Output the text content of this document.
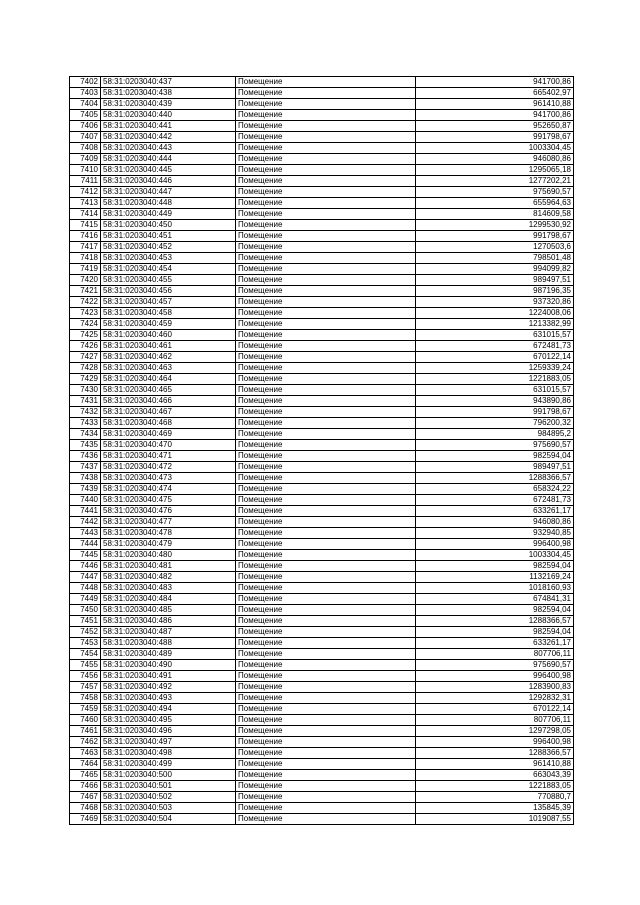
7402	58:31:0203040:437	Помещение	941700,86
7403	58:31:0203040:438	Помещение	665402,97
7404	58:31:0203040:439	Помещение	961410,88
7405	58:31:0203040:440	Помещение	941700,86
7406	58:31:0203040:441	Помещение	952650,87
7407	58:31:0203040:442	Помещение	991798,67
7408	58:31:0203040:443	Помещение	1003304,45
7409	58:31:0203040:444	Помещение	946080,86
7410	58:31:0203040:445	Помещение	1295065,18
7411	58:31:0203040:446	Помещение	1277202,21
7412	58:31:0203040:447	Помещение	975690,57
7413	58:31:0203040:448	Помещение	655964,63
7414	58:31:0203040:449	Помещение	814609,58
7415	58:31:0203040:450	Помещение	1299530,92
7416	58:31:0203040:451	Помещение	991798,67
7417	58:31:0203040:452	Помещение	1270503,6
7418	58:31:0203040:453	Помещение	798501,48
7419	58:31:0203040:454	Помещение	994099,82
7420	58:31:0203040:455	Помещение	989497,51
7421	58:31:0203040:456	Помещение	987196,35
7422	58:31:0203040:457	Помещение	937320,86
7423	58:31:0203040:458	Помещение	1224008,06
7424	58:31:0203040:459	Помещение	1213382,99
7425	58:31:0203040:460	Помещение	631015,57
7426	58:31:0203040:461	Помещение	672481,73
7427	58:31:0203040:462	Помещение	670122,14
7428	58:31:0203040:463	Помещение	1259339,24
7429	58:31:0203040:464	Помещение	1221883,05
7430	58:31:0203040:465	Помещение	631015,57
7431	58:31:0203040:466	Помещение	943890,86
7432	58:31:0203040:467	Помещение	991798,67
7433	58:31:0203040:468	Помещение	796200,32
7434	58:31:0203040:469	Помещение	984895,2
7435	58:31:0203040:470	Помещение	975690,57
7436	58:31:0203040:471	Помещение	982594,04
7437	58:31:0203040:472	Помещение	989497,51
7438	58:31:0203040:473	Помещение	1288366,57
7439	58:31:0203040:474	Помещение	658324,22
7440	58:31:0203040:475	Помещение	672481,73
7441	58:31:0203040:476	Помещение	633261,17
7442	58:31:0203040:477	Помещение	946080,86
7443	58:31:0203040:478	Помещение	932940,85
7444	58:31:0203040:479	Помещение	996400,98
7445	58:31:0203040:480	Помещение	1003304,45
7446	58:31:0203040:481	Помещение	982594,04
7447	58:31:0203040:482	Помещение	1132169,24
7448	58:31:0203040:483	Помещение	1018160,93
7449	58:31:0203040:484	Помещение	674841,31
7450	58:31:0203040:485	Помещение	982594,04
7451	58:31:0203040:486	Помещение	1288366,57
7452	58:31:0203040:487	Помещение	982594,04
7453	58:31:0203040:488	Помещение	633261,17
7454	58:31:0203040:489	Помещение	807706,11
7455	58:31:0203040:490	Помещение	975690,57
7456	58:31:0203040:491	Помещение	996400,98
7457	58:31:0203040:492	Помещение	1283900,83
7458	58:31:0203040:493	Помещение	1292832,31
7459	58:31:0203040:494	Помещение	670122,14
7460	58:31:0203040:495	Помещение	807706,11
7461	58:31:0203040:496	Помещение	1297298,05
7462	58:31:0203040:497	Помещение	996400,98
7463	58:31:0203040:498	Помещение	1288366,57
7464	58:31:0203040:499	Помещение	961410,88
7465	58:31:0203040:500	Помещение	663043,39
7466	58:31:0203040:501	Помещение	1221883,05
7467	58:31:0203040:502	Помещение	770880,7
7468	58:31:0203040:503	Помещение	135845,39
7469	58:31:0203040:504	Помещение	1019087,55
